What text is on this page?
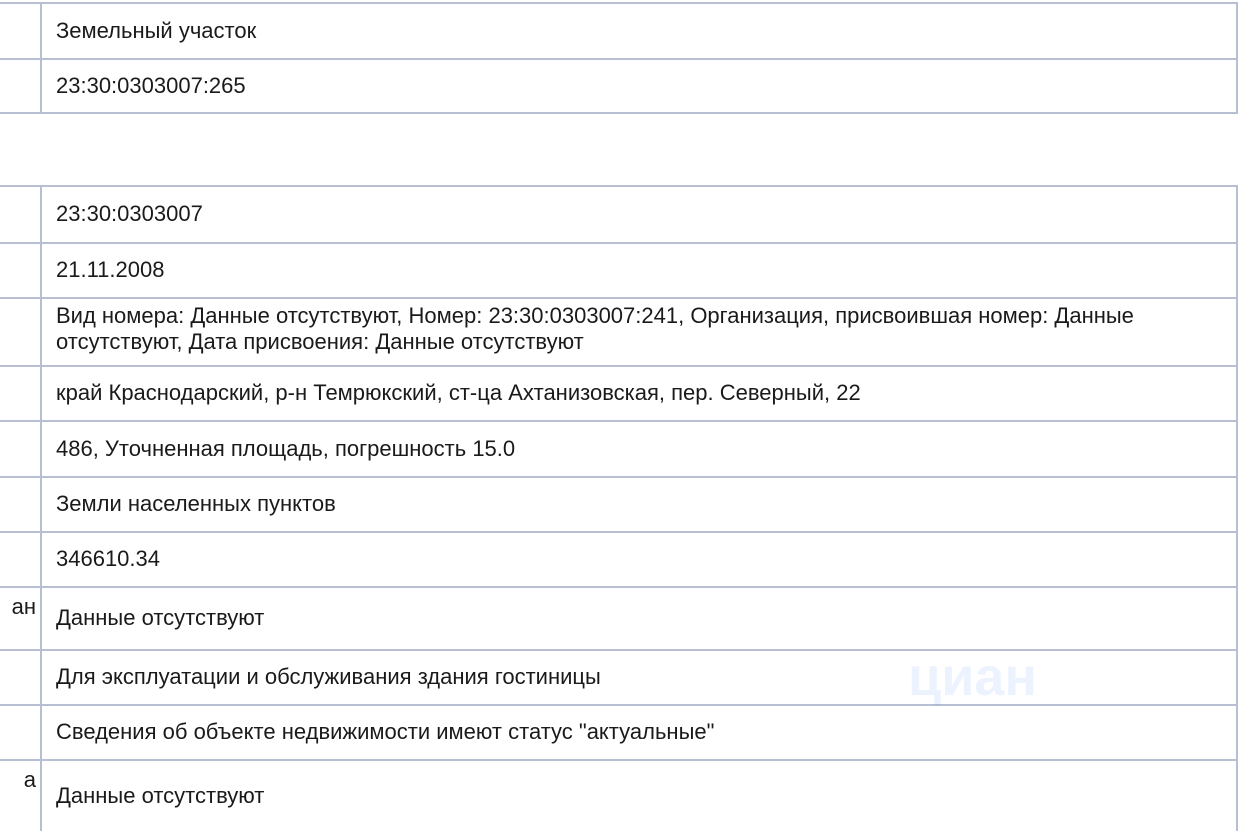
Земельный участок
23:30:0303007:265
23:30:0303007
21.11.2008
Вид номера: Данные отсутствуют, Номер: 23:30:0303007:241, Организация, присвоившая номер: Данные отсутствуют, Дата присвоения: Данные отсутствуют
край Краснодарский, р-н Темрюкский, ст-ца Ахтанизовская, пер. Северный, 22
486, Уточненная площадь, погрешность 15.0
Земли населенных пунктов
346610.34
ан Данные отсутствуют
Для эксплуатации и обслуживания здания гостиницы
Сведения об объекте недвижимости имеют статус "актуальные"
а
Данные отсутствуют
циан
